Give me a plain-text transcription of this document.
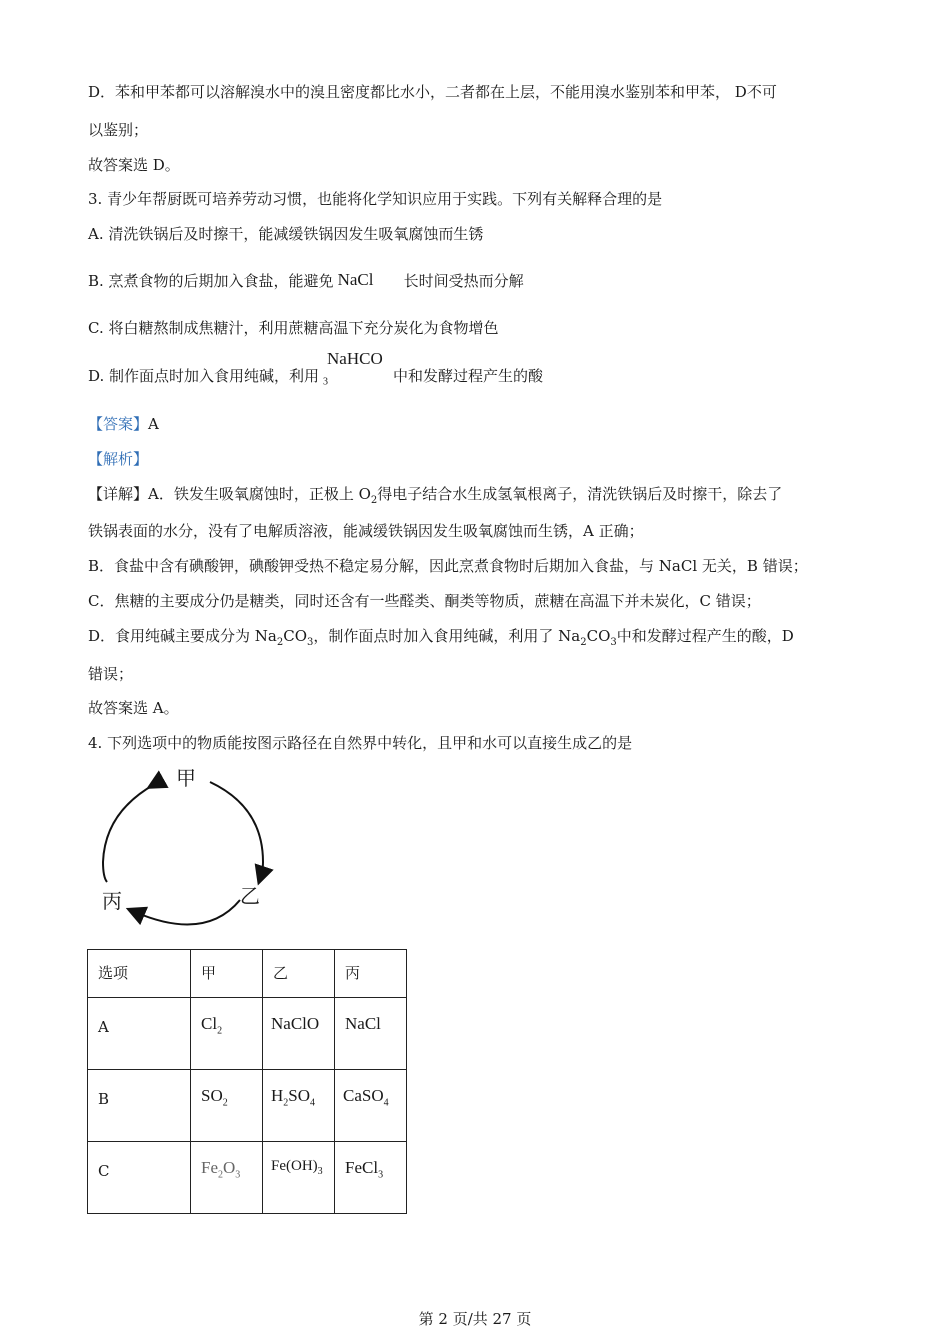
D．苯和甲苯都可以溶解溴水中的溴且密度都比水小，二者都在上层，不能用溴水鉴别苯和甲苯， D不可
以鉴别；
故答案选 D。
3. 青少年帮厨既可培养劳动习惯，也能将化学知识应用于实践。下列有关解释合理的是
A. 清洗铁锅后及时擦干，能减缓铁锅因发生吸氧腐蚀而生锈
B. 烹煮食物的后期加入食盐，能避免 NaCl 长时间受热而分解
C. 将白糖熬制成焦糖汁，利用蔗糖高温下充分炭化为食物增色
D. 制作面点时加入食用纯碱，利用
NaHCO
$_3$	中和发酵过程产生的酸
【答案】A
【解析】
【详解】A．铁发生吸氧腐蚀时，正极上 $O_2$得电子结合水生成氢氧根离子，清洗铁锅后及时擦干，除去了
铁锅表面的水分，没有了电解质溶液，能减缓铁锅因发生吸氧腐蚀而生锈，A 正确；
B．食盐中含有碘酸钾，碘酸钾受热不稳定易分解，因此烹煮食物时后期加入食盐，与 NaCl 无关，B 错误；
C．焦糖的主要成分仍是糖类，同时还含有一些醛类、酮类等物质，蔗糖在高温下并未炭化，C 错误；
D．食用纯碱主要成分为 $Na_2CO_3$，制作面点时加入食用纯碱，利用了 $Na_2CO_3$中和发酵过程产生的酸，D
错误；
故答案选 A。
4. 下列选项中的物质能按图示路径在自然界中转化，且甲和水可以直接生成乙的是
甲
乙
丙
选项	甲	乙	丙
A	$Cl_2$	NaClO	NaCl
B	$SO_2$	$H_2SO_4$	CaSO$_4$
C	$Fe_2O_3$	$Fe(OH)_3$	FeCl$_3$
第 2 页/共 27 页
